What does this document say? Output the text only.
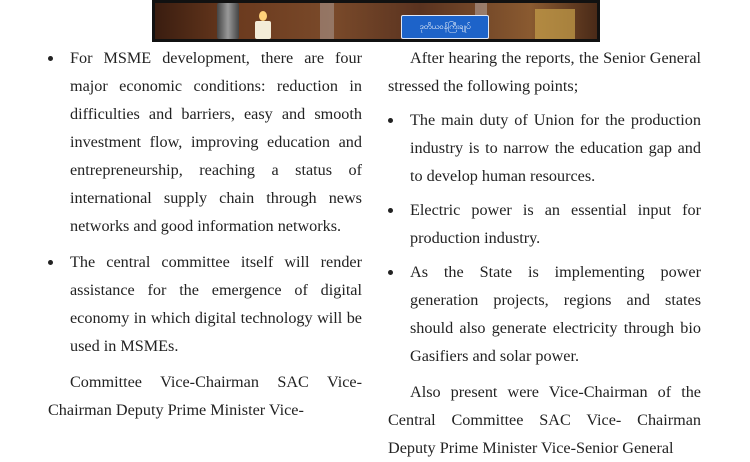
ဒုတိယဝန်ကြီးချုပ်
For MSME development, there are four major economic conditions: reduction in difficulties and barriers, easy and smooth investment flow, improving education and entrepreneurship, reaching a status of international supply chain through news networks and good information networks.
The central committee itself will render assistance for the emergence of digital economy in which digital technology will be used in MSMEs.

Committee Vice-Chairman SAC Vice-Chairman Deputy Prime Minister Vice-

After hearing the reports, the Senior General stressed the following points;

The main duty of Union for the production industry is to narrow the education gap and to develop human resources.
Electric power is an essential input for production industry.
As the State is implementing power generation projects, regions and states should also generate electricity through bio Gasifiers and solar power.

Also present were Vice-Chairman of the Central Committee SAC Vice- Chairman Deputy Prime Minister Vice-Senior General
